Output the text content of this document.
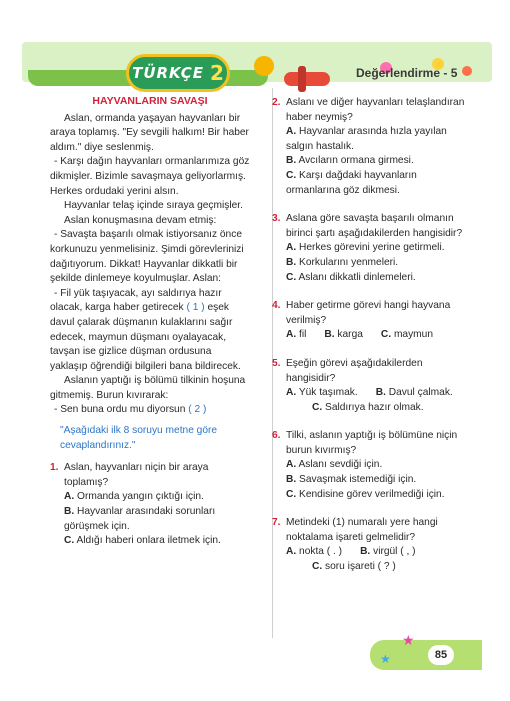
TÜRKÇE 2	Değerlendirme - 5
HAYVANLARIN SAVAŞI

Aslan, ormanda yaşayan hayvanları bir araya toplamış. "Ey sevgili halkım! Bir haber aldım." diye seslenmiş.

- Karşı dağın hayvanları ormanlarımıza göz dikmişler. Bizimle savaşmaya geliyorlarmış. Herkes ordudaki yerini alsın.

Hayvanlar telaş içinde sıraya geçmişler.

Aslan konuşmasına devam etmiş:

- Savaşta başarılı olmak istiyorsanız önce korkunuzu yenmelisiniz. Şimdi görevlerinizi dağıtıyorum. Dikkat! Hayvanlar dikkatli bir şekilde dinlemeye koyulmuşlar. Aslan:

- Fil yük taşıyacak, ayı saldırıya hazır olacak, karga haber getirecek ( 1 ) eşek davul çalarak düşmanın kulaklarını sağır edecek, maymun düşmanı oyalayacak, tavşan ise gizlice düşman ordusuna yaklaşıp öğrendiği bilgileri bana bildirecek.

Aslanın yaptığı iş bölümü tilkinin hoşuna gitmemiş. Burun kıvırarak:

- Sen buna ordu mu diyorsun ( 2 )

"Aşağıdaki ilk 8 soruyu metne göre cevaplandırınız."
1. Aslan, hayvanları niçin bir araya toplamış?
A. Ormanda yangın çıktığı için.
B. Hayvanlar arasındaki sorunları görüşmek için.
C. Aldığı haberi onlara iletmek için.
2. Aslanı ve diğer hayvanları telaşlandıran haber neymiş?
A. Hayvanlar arasında hızla yayılan salgın hastalık.
B. Avcıların ormana girmesi.
C. Karşı dağdaki hayvanların ormanlarına göz dikmesi.
3. Aslana göre savaşta başarılı olmanın birinci şartı aşağıdakilerden hangisidir?
A. Herkes görevini yerine getirmeli.
B. Korkularını yenmeleri.
C. Aslanı dikkatli dinlemeleri.
4. Haber getirme görevi hangi hayvana verilmiş?
A. fil B. karga C. maymun
5. Eşeğin görevi aşağıdakilerden hangisidir?
A. Yük taşımak. B. Davul çalmak.
C. Saldırıya hazır olmak.
6. Tilki, aslanın yaptığı iş bölümüne niçin burun kıvırmış?
A. Aslanı sevdiği için.
B. Savaşmak istemediği için.
C. Kendisine görev verilmediği için.
7. Metindeki (1) numaralı yere hangi noktalama işareti gelmelidir?
A. nokta ( . ) B. virgül ( , )
C. soru işareti ( ? )
★
★	85
